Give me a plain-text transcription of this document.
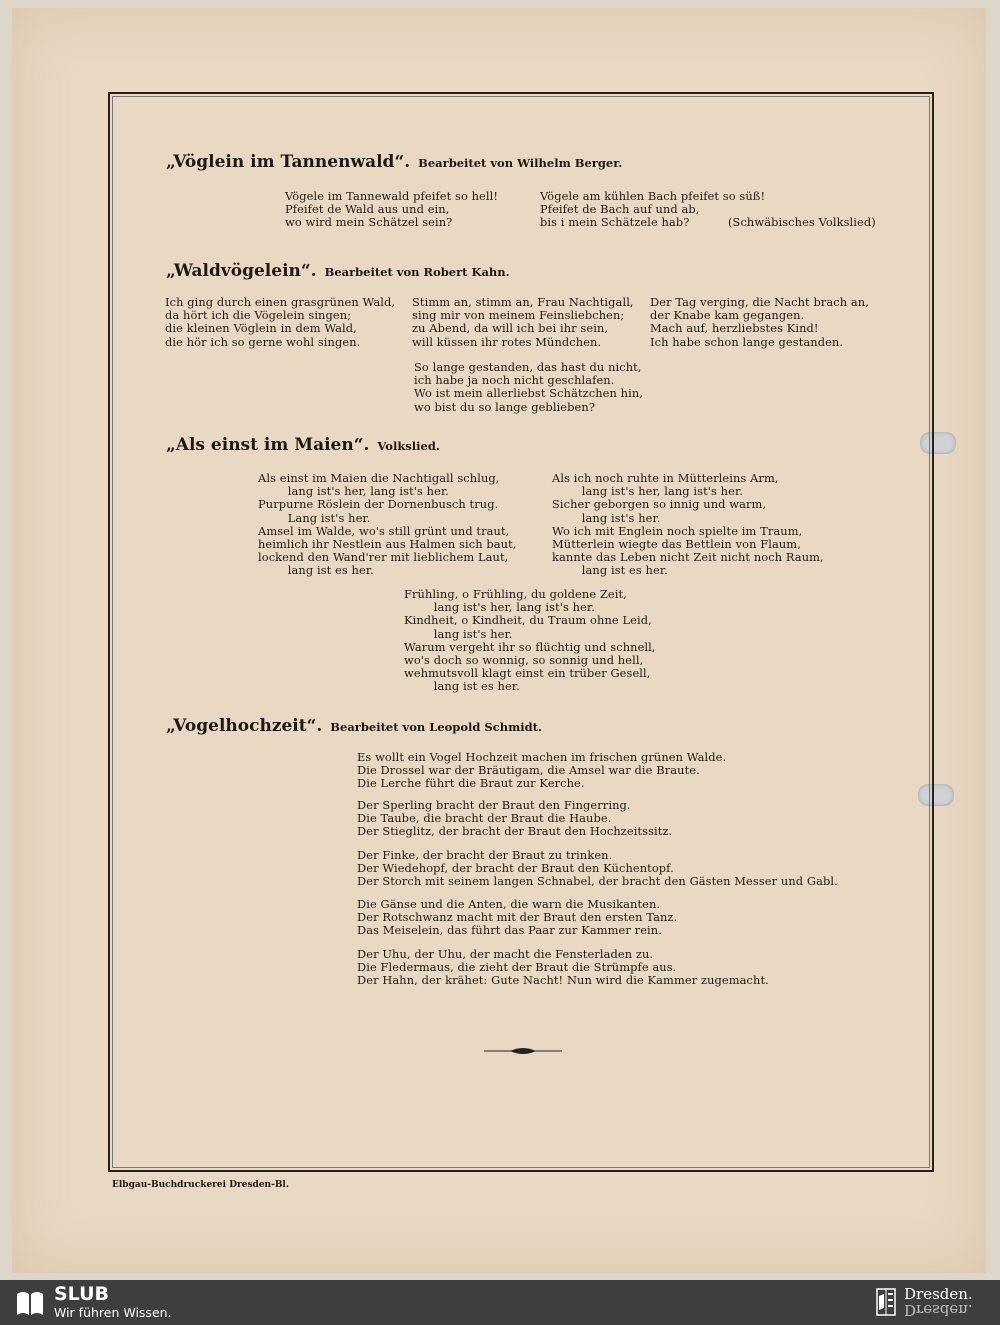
„Vöglein im Tannenwald“. Bearbeitet von Wilhelm Berger.
Vögele im Tannewald pfeifet so hell!
Pfeifet de Wald aus und ein,
wo wird mein Schätzel sein?
Vögele am kühlen Bach pfeifet so süß!
Pfeifet de Bach auf und ab,
bis i mein Schätzele hab?	(Schwäbisches Volkslied)
„Waldvögelein“. Bearbeitet von Robert Kahn.
Ich ging durch einen grasgrünen Wald,
da hört ich die Vögelein singen;
die kleinen Vöglein in dem Wald,
die hör ich so gerne wohl singen.
Stimm an, stimm an, Frau Nachtigall,
sing mir von meinem Feinsliebchen;
zu Abend, da will ich bei ihr sein,
will küssen ihr rotes Mündchen.
Der Tag verging, die Nacht brach an,
der Knabe kam gegangen.
Mach auf, herzliebstes Kind!
Ich habe schon lange gestanden.
So lange gestanden, das hast du nicht,
ich habe ja noch nicht geschlafen.
Wo ist mein allerliebst Schätzchen hin,
wo bist du so lange geblieben?
„Als einst im Maien“. Volkslied.
Als einst im Maien die Nachtigall schlug,
lang ist's her, lang ist's her.
Purpurne Röslein der Dornenbusch trug.
Lang ist's her.
Amsel im Walde, wo's still grünt und traut,
heimlich ihr Nestlein aus Halmen sich baut,
lockend den Wand'rer mit lieblichem Laut,
lang ist es her.
Als ich noch ruhte in Mütterleins Arm,
lang ist's her, lang ist's her.
Sicher geborgen so innig und warm,
lang ist's her.
Wo ich mit Englein noch spielte im Traum,
Mütterlein wiegte das Bettlein von Flaum,
kannte das Leben nicht Zeit nicht noch Raum,
lang ist es her.
Frühling, o Frühling, du goldene Zeit,
lang ist's her, lang ist's her.
Kindheit, o Kindheit, du Traum ohne Leid,
lang ist's her.
Warum vergeht ihr so flüchtig und schnell,
wo's doch so wonnig, so sonnig und hell,
wehmutsvoll klagt einst ein trüber Gesell,
lang ist es her.
„Vogelhochzeit“. Bearbeitet von Leopold Schmidt.
Es wollt ein Vogel Hochzeit machen im frischen grünen Walde.
Die Drossel war der Bräutigam, die Amsel war die Braute.
Die Lerche führt die Braut zur Kerche.
Der Sperling bracht der Braut den Fingerring.
Die Taube, die bracht der Braut die Haube.
Der Stieglitz, der bracht der Braut den Hochzeitssitz.
Der Finke, der bracht der Braut zu trinken.
Der Wiedehopf, der bracht der Braut den Küchentopf.
Der Storch mit seinem langen Schnabel, der bracht den Gästen Messer und Gabl.
Die Gänse und die Anten, die warn die Musikanten.
Der Rotschwanz macht mit der Braut den ersten Tanz.
Das Meiselein, das führt das Paar zur Kammer rein.
Der Uhu, der Uhu, der macht die Fensterladen zu.
Die Fledermaus, die zieht der Braut die Strümpfe aus.
Der Hahn, der krähet: Gute Nacht! Nun wird die Kammer zugemacht.
Elbgau-Buchdruckerei Dresden-Bl.
SLUB
Wir führen Wissen.
Dresden.
Dresden.
